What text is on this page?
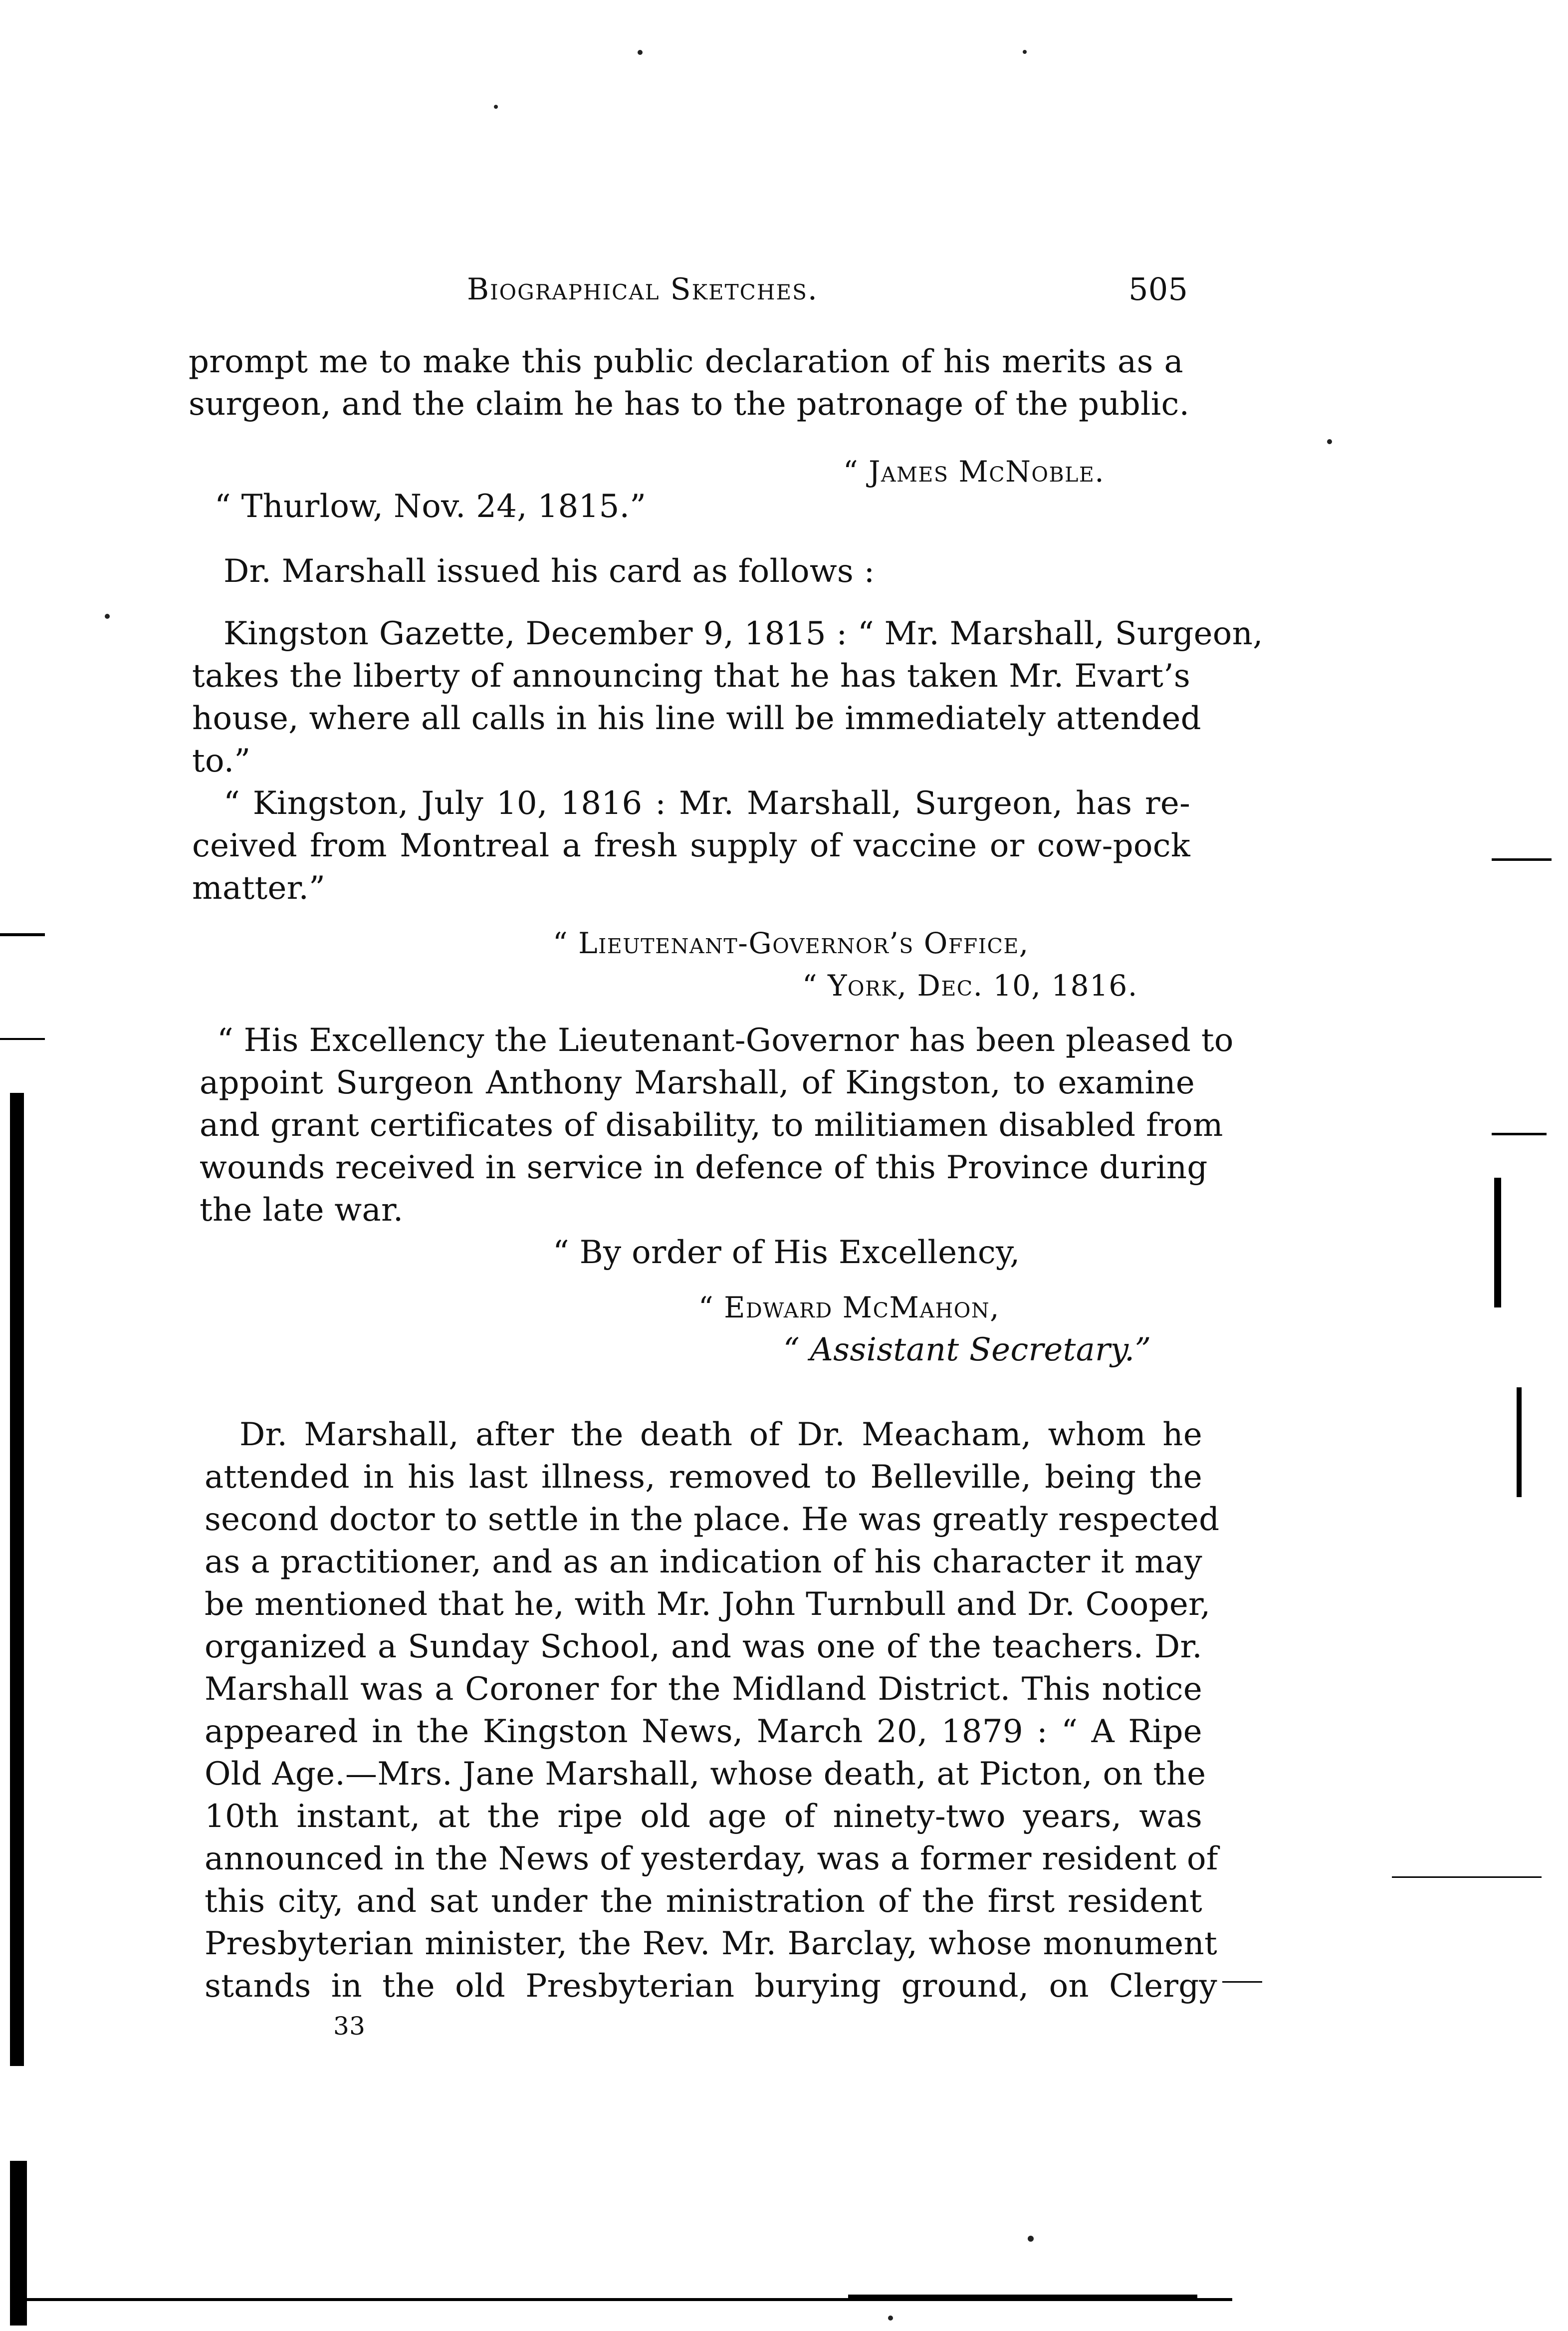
Biographical Sketches.	505
prompt me to make this public declaration of his merits as a
surgeon, and the claim he has to the patronage of the public.
“ James McNoble.
“ Thurlow, Nov. 24, 1815.”
Dr. Marshall issued his card as follows :
Kingston Gazette, December 9, 1815 : “ Mr. Marshall, Surgeon,
takes the liberty of announcing that he has taken Mr. Evart’s
house, where all calls in his line will be immediately attended
to.”
“ Kingston, July 10, 1816 : Mr. Marshall, Surgeon, has re-
ceived from Montreal a fresh supply of vaccine or cow-pock
matter.”
“ Lieutenant-Governor’s Office,
“ York, Dec. 10, 1816.
“ His Excellency the Lieutenant-Governor has been pleased to
appoint Surgeon Anthony Marshall, of Kingston, to examine
and grant certificates of disability, to militiamen disabled from
wounds received in service in defence of this Province during
the late war.
“ By order of His Excellency,
“ Edward McMahon,
“ Assistant Secretary.”
Dr. Marshall, after the death of Dr. Meacham, whom he
attended in his last illness, removed to Belleville, being the
second doctor to settle in the place. He was greatly respected
as a practitioner, and as an indication of his character it may
be mentioned that he, with Mr. John Turnbull and Dr. Cooper,
organized a Sunday School, and was one of the teachers. Dr.
Marshall was a Coroner for the Midland District. This notice
appeared in the Kingston News, March 20, 1879 : “ A Ripe
Old Age.—Mrs. Jane Marshall, whose death, at Picton, on the
10th instant, at the ripe old age of ninety-two years, was
announced in the News of yesterday, was a former resident of
this city, and sat under the ministration of the first resident
Presbyterian minister, the Rev. Mr. Barclay, whose monument
stands in the old Presbyterian burying ground, on Clergy
33
